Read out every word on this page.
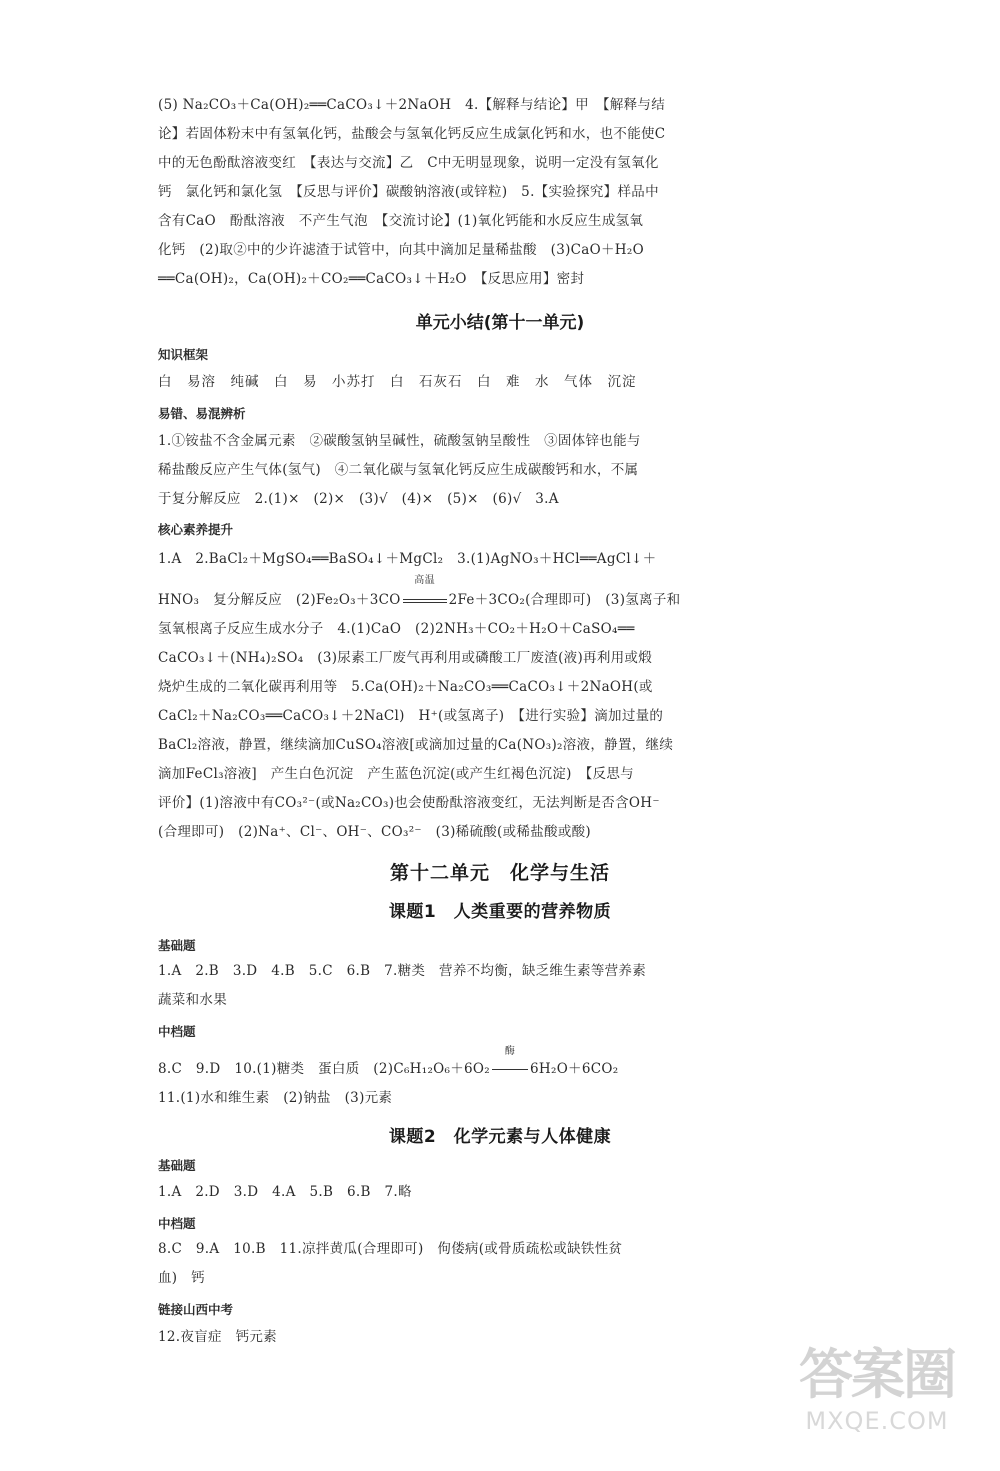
(5) Na₂CO₃＋Ca(OH)₂══CaCO₃↓＋2NaOH　4.【解释与结论】甲　【解释与结
论】若固体粉末中有氢氧化钙，盐酸会与氢氧化钙反应生成氯化钙和水，也不能使C
中的无色酚酞溶液变红　【表达与交流】乙　C中无明显现象，说明一定没有氢氧化
钙　氯化钙和氯化氢　【反思与评价】碳酸钠溶液(或锌粒)　5.【实验探究】样品中
含有CaO　酚酞溶液　不产生气泡　【交流讨论】(1)氧化钙能和水反应生成氢氧
化钙　(2)取②中的少许滤渣于试管中，向其中滴加足量稀盐酸　(3)CaO＋H₂O
══Ca(OH)₂，Ca(OH)₂＋CO₂══CaCO₃↓＋H₂O　【反思应用】密封
单元小结(第十一单元)
知识框架
白　易溶　纯碱　白　易　小苏打　白　石灰石　白　难　水　气体　沉淀
易错、易混辨析
1.①铵盐不含金属元素　②碳酸氢钠呈碱性，硫酸氢钠呈酸性　③固体锌也能与
稀盐酸反应产生气体(氢气)　④二氧化碳与氢氧化钙反应生成碳酸钙和水，不属
于复分解反应　2.(1)×　(2)×　(3)√　(4)×　(5)×　(6)√　3.A
核心素养提升
1.A　2.BaCl₂＋MgSO₄══BaSO₄↓＋MgCl₂　3.(1)AgNO₃＋HCl══AgCl↓＋
HNO₃　复分解反应　(2)Fe₂O₃＋3CO
高温
2Fe＋3CO₂(合理即可)　(3)氢离子和
氢氧根离子反应生成水分子　4.(1)CaO　(2)2NH₃＋CO₂＋H₂O＋CaSO₄══
CaCO₃↓＋(NH₄)₂SO₄　(3)尿素工厂废气再利用或磷酸工厂废渣(液)再利用或煅
烧炉生成的二氧化碳再利用等　5.Ca(OH)₂＋Na₂CO₃══CaCO₃↓＋2NaOH(或
CaCl₂＋Na₂CO₃══CaCO₃↓＋2NaCl)　H⁺(或氢离子)　【进行实验】滴加过量的
BaCl₂溶液，静置，继续滴加CuSO₄溶液[或滴加过量的Ca(NO₃)₂溶液，静置，继续
滴加FeCl₃溶液]　产生白色沉淀　产生蓝色沉淀(或产生红褐色沉淀)　【反思与
评价】(1)溶液中有CO₃²⁻(或Na₂CO₃)也会使酚酞溶液变红，无法判断是否含OH⁻
(合理即可)　(2)Na⁺、Cl⁻、OH⁻、CO₃²⁻　(3)稀硫酸(或稀盐酸或酸)
第十二单元　化学与生活
课题1　人类重要的营养物质
基础题
1.A　2.B　3.D　4.B　5.C　6.B　7.糖类　营养不均衡，缺乏维生素等营养素
蔬菜和水果
中档题
8.C　9.D　10.(1)糖类　蛋白质　(2)C₆H₁₂O₆＋6O₂
酶
6H₂O＋6CO₂
11.(1)水和维生素　(2)钠盐　(3)元素
课题2　化学元素与人体健康
基础题
1.A　2.D　3.D　4.A　5.B　6.B　7.略
中档题
8.C　9.A　10.B　11.凉拌黄瓜(合理即可)　佝偻病(或骨质疏松或缺铁性贫
血)　钙
链接山西中考
12.夜盲症　钙元素
答案圈
MXQE.COM
